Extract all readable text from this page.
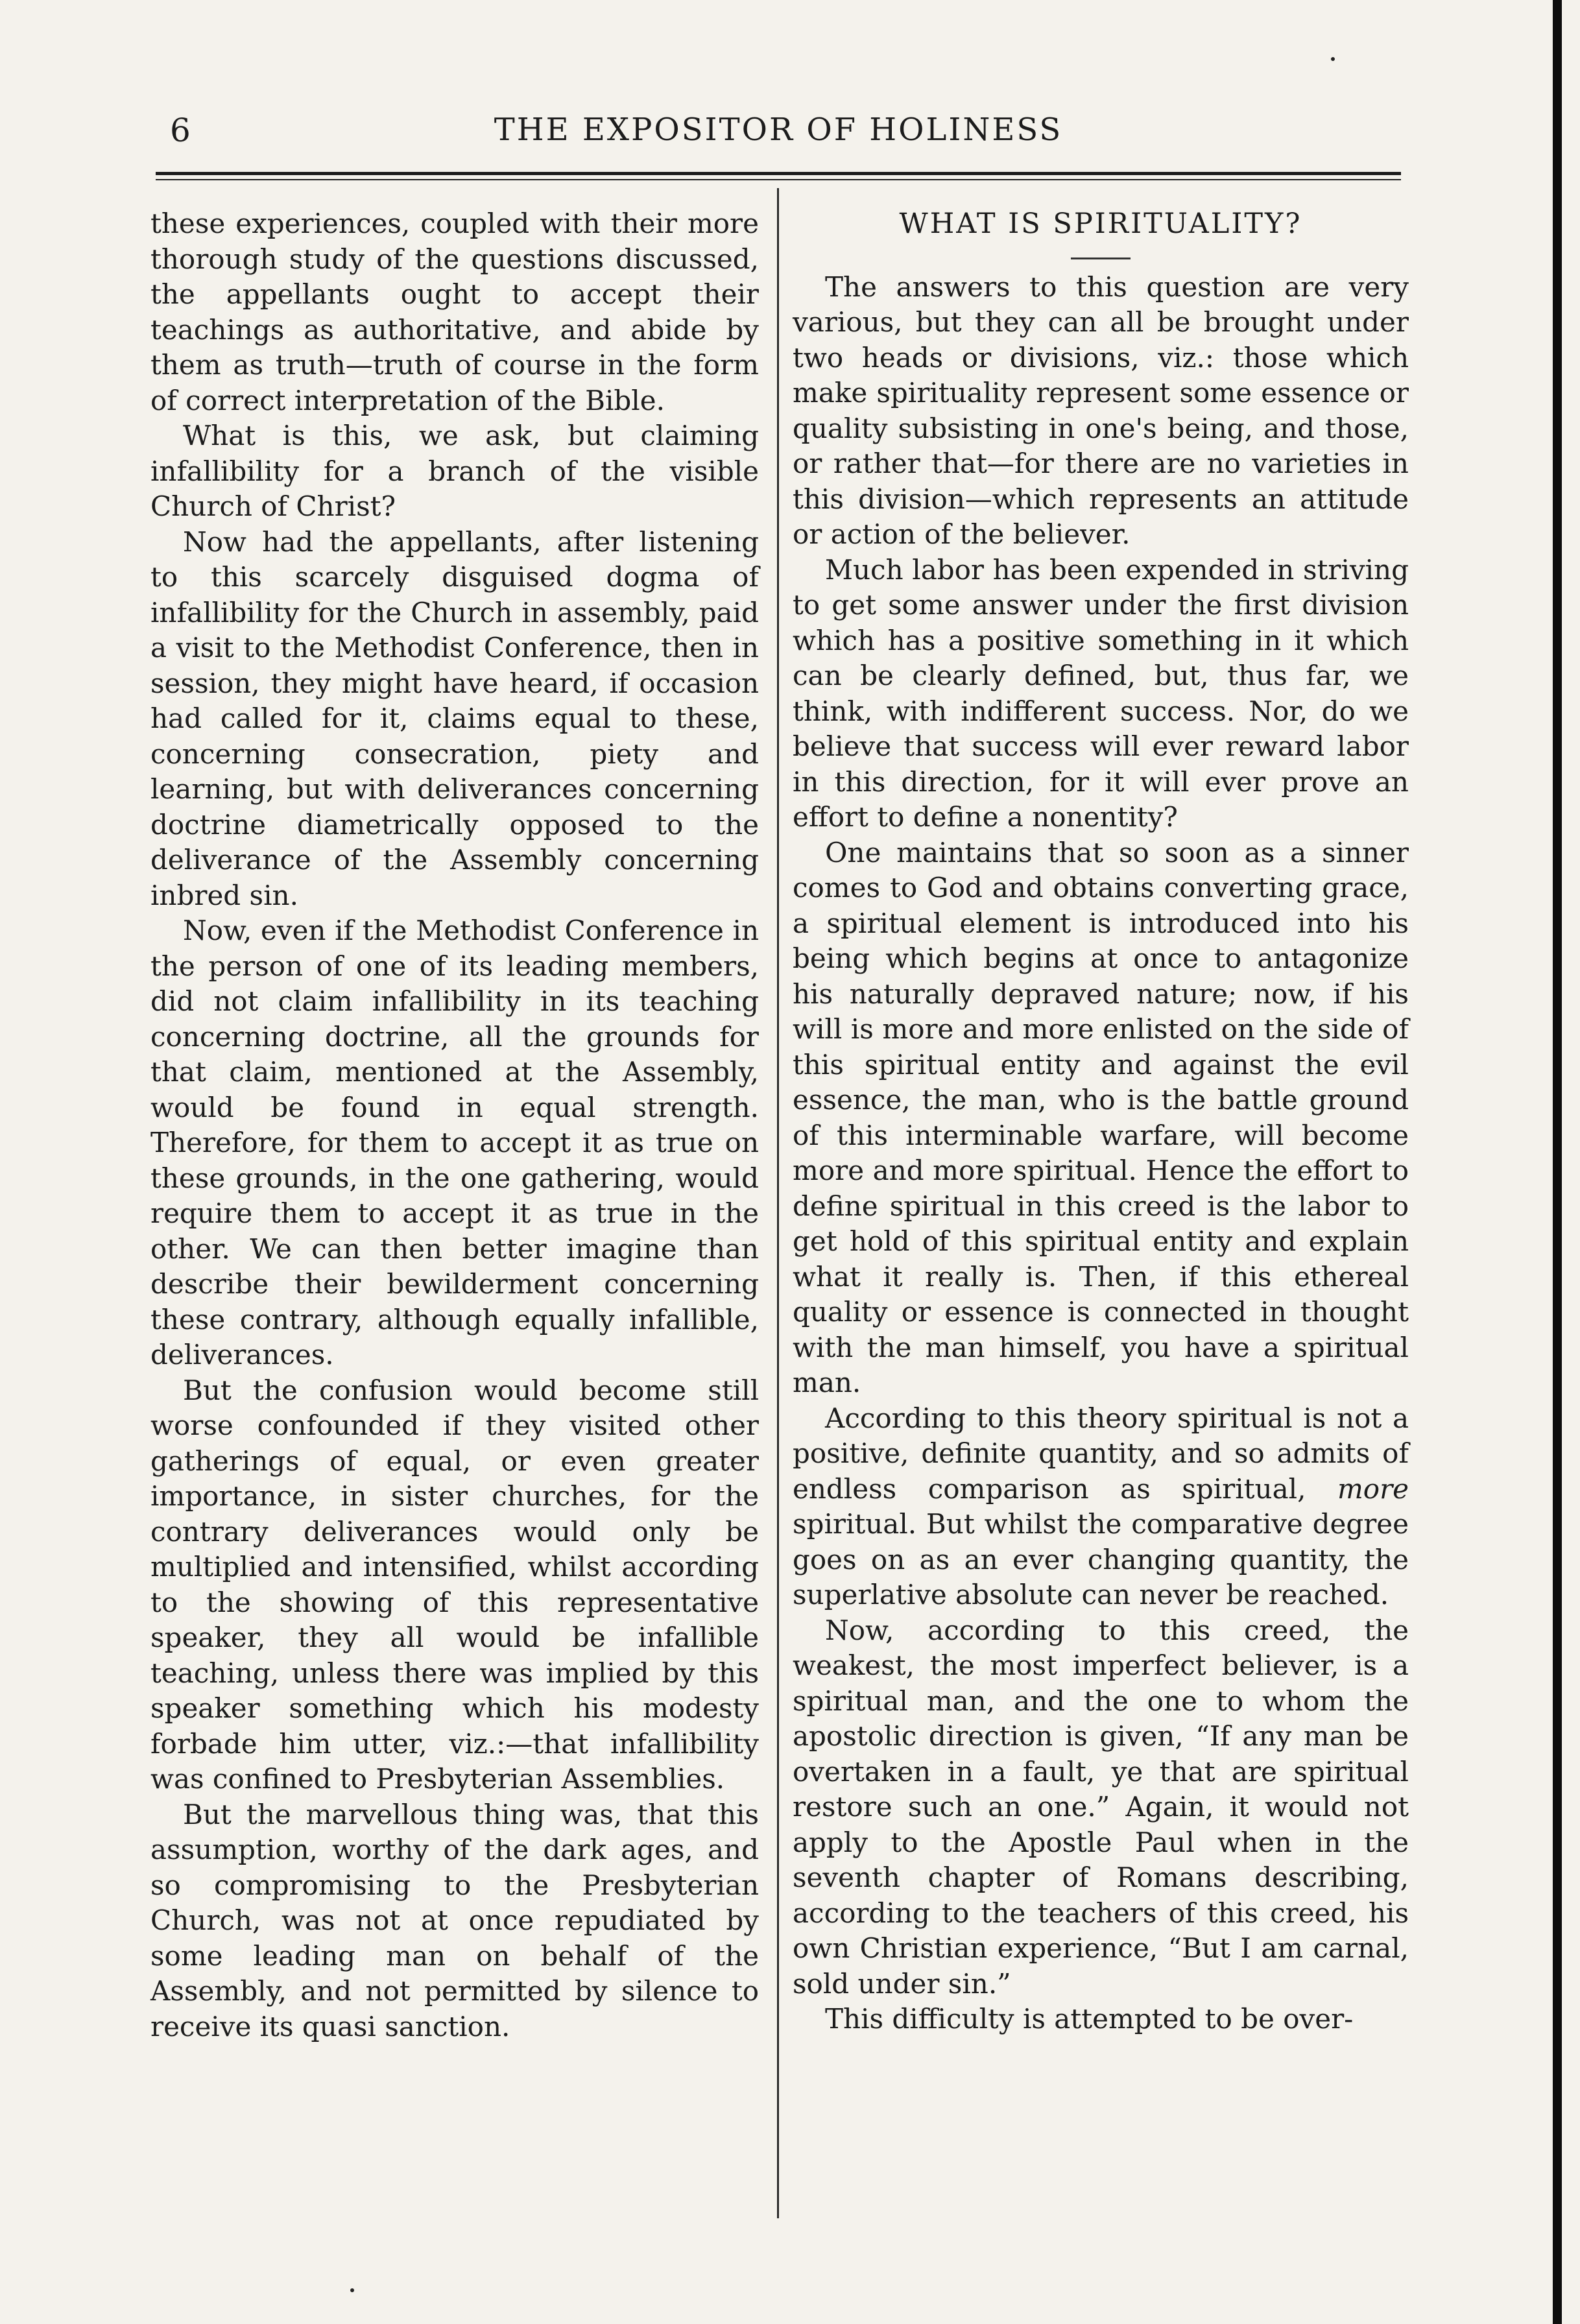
6	THE EXPOSITOR OF HOLINESS

these experiences, coupled with their more thorough study of the questions discussed, the appellants ought to accept their teachings as authoritative, and abide by them as truth—truth of course in the form of correct interpretation of the Bible.

What is this, we ask, but claiming infallibility for a branch of the visible Church of Christ?

Now had the appellants, after listening to this scarcely disguised dogma of infallibility for the Church in assembly, paid a visit to the Methodist Conference, then in session, they might have heard, if occasion had called for it, claims equal to these, concerning consecration, piety and learning, but with deliverances concerning doctrine diametrically opposed to the deliverance of the Assembly concerning inbred sin.

Now, even if the Methodist Conference in the person of one of its leading members, did not claim infallibility in its teaching concerning doctrine, all the grounds for that claim, mentioned at the Assembly, would be found in equal strength. Therefore, for them to accept it as true on these grounds, in the one gathering, would require them to accept it as true in the other. We can then better imagine than describe their bewilderment concerning these contrary, although equally infallible, deliverances.

But the confusion would become still worse confounded if they visited other gatherings of equal, or even greater importance, in sister churches, for the contrary deliverances would only be multiplied and intensified, whilst according to the showing of this representative speaker, they all would be infallible teaching, unless there was implied by this speaker something which his modesty forbade him utter, viz.:—that infallibility was confined to Presbyterian Assemblies.

But the marvellous thing was, that this assumption, worthy of the dark ages, and so compromising to the Presbyterian Church, was not at once repudiated by some leading man on behalf of the Assembly, and not permitted by silence to receive its quasi sanction.

WHAT IS SPIRITUALITY?

The answers to this question are very various, but they can all be brought under two heads or divisions, viz.: those which make spirituality represent some essence or quality subsisting in one's being, and those, or rather that—for there are no varieties in this division—which represents an attitude or action of the believer.

Much labor has been expended in striving to get some answer under the first division which has a positive something in it which can be clearly defined, but, thus far, we think, with indifferent success. Nor, do we believe that success will ever reward labor in this direction, for it will ever prove an effort to define a nonentity?

One maintains that so soon as a sinner comes to God and obtains converting grace, a spiritual element is introduced into his being which begins at once to antagonize his naturally depraved nature; now, if his will is more and more enlisted on the side of this spiritual entity and against the evil essence, the man, who is the battle ground of this interminable warfare, will become more and more spiritual. Hence the effort to define spiritual in this creed is the labor to get hold of this spiritual entity and explain what it really is. Then, if this ethereal quality or essence is connected in thought with the man himself, you have a spiritual man.

According to this theory spiritual is not a positive, definite quantity, and so admits of endless comparison as spiritual, more spiritual. But whilst the comparative degree goes on as an ever changing quantity, the superlative absolute can never be reached.

Now, according to this creed, the weakest, the most imperfect believer, is a spiritual man, and the one to whom the apostolic direction is given, “If any man be overtaken in a fault, ye that are spiritual restore such an one.” Again, it would not apply to the Apostle Paul when in the seventh chapter of Romans describing, according to the teachers of this creed, his own Christian experience, “But I am carnal, sold under sin.”

This difficulty is attempted to be over-
